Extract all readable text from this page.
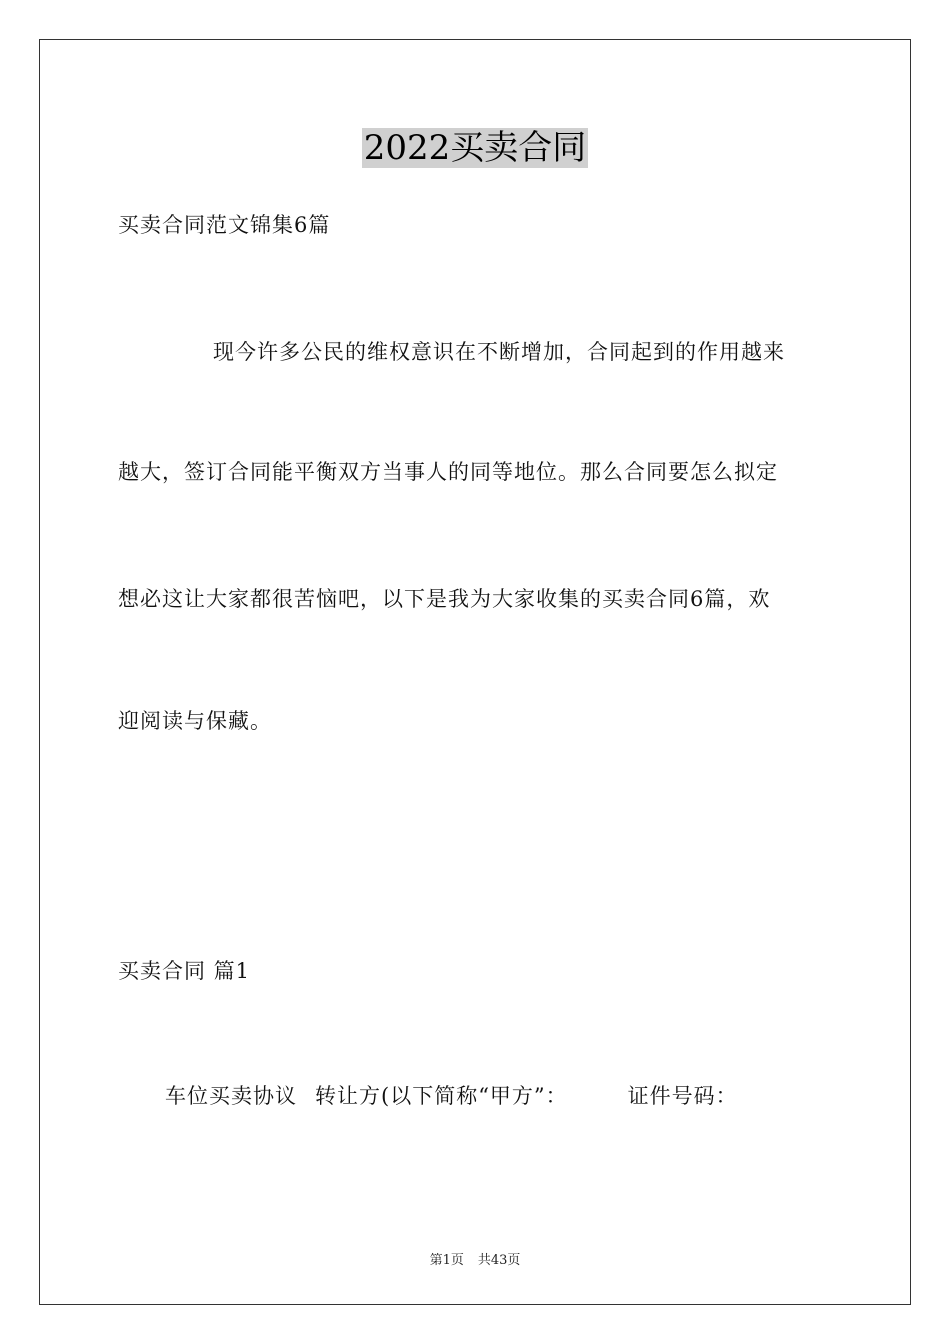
2022买卖合同
买卖合同范文锦集6篇
现今许多公民的维权意识在不断增加，合同起到的作用越来
越大，签订合同能平衡双方当事人的同等地位。那么合同要怎么拟定
想必这让大家都很苦恼吧，以下是我为大家收集的买卖合同6篇，欢
迎阅读与保藏。
买卖合同 篇1
车位买卖协议 转让方(以下简称“甲方”：	证件号码：
第1页 共43页
